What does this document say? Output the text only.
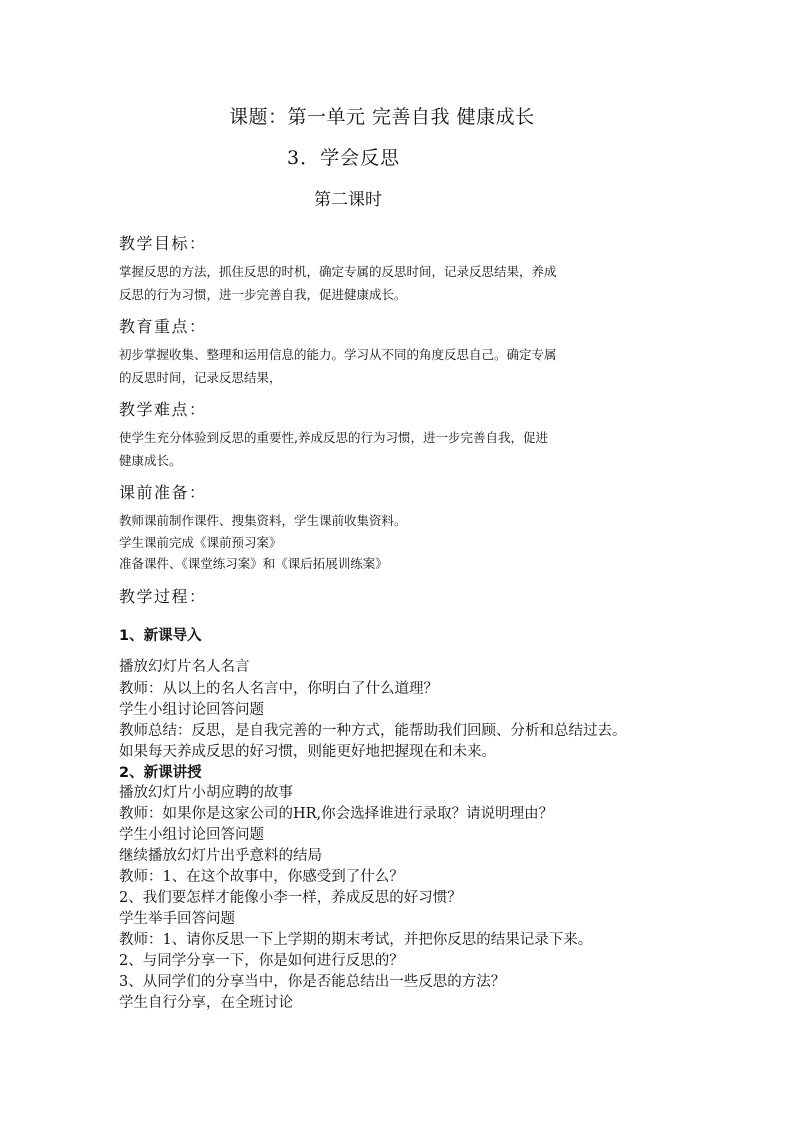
课题：第一单元 完善自我 健康成长
3．学会反思
第二课时
教学目标：
掌握反思的方法，抓住反思的时机，确定专属的反思时间，记录反思结果，养成
反思的行为习惯，进一步完善自我，促进健康成长。
教育重点：
初步掌握收集、整理和运用信息的能力。学习从不同的角度反思自己。确定专属
的反思时间，记录反思结果，
教学难点：
使学生充分体验到反思的重要性,养成反思的行为习惯，进一步完善自我，促进
健康成长。
课前准备：
教师课前制作课件、搜集资料，学生课前收集资料。
学生课前完成《课前预习案》
准备课件、《课堂练习案》和《课后拓展训练案》
教学过程：
1、新课导入
播放幻灯片名人名言
教师：从以上的名人名言中，你明白了什么道理？
学生小组讨论回答问题
教师总结：反思，是自我完善的一种方式，能帮助我们回顾、分析和总结过去。
如果每天养成反思的好习惯，则能更好地把握现在和未来。
2、新课讲授
播放幻灯片小胡应聘的故事
教师：如果你是这家公司的HR,你会选择谁进行录取？请说明理由？
学生小组讨论回答问题
继续播放幻灯片出乎意料的结局
教师：1、在这个故事中，你感受到了什么？
2、我们要怎样才能像小李一样，养成反思的好习惯？
学生举手回答问题
教师：1、请你反思一下上学期的期末考试，并把你反思的结果记录下来。
2、与同学分享一下，你是如何进行反思的？
3、从同学们的分享当中，你是否能总结出一些反思的方法？
学生自行分享，在全班讨论
